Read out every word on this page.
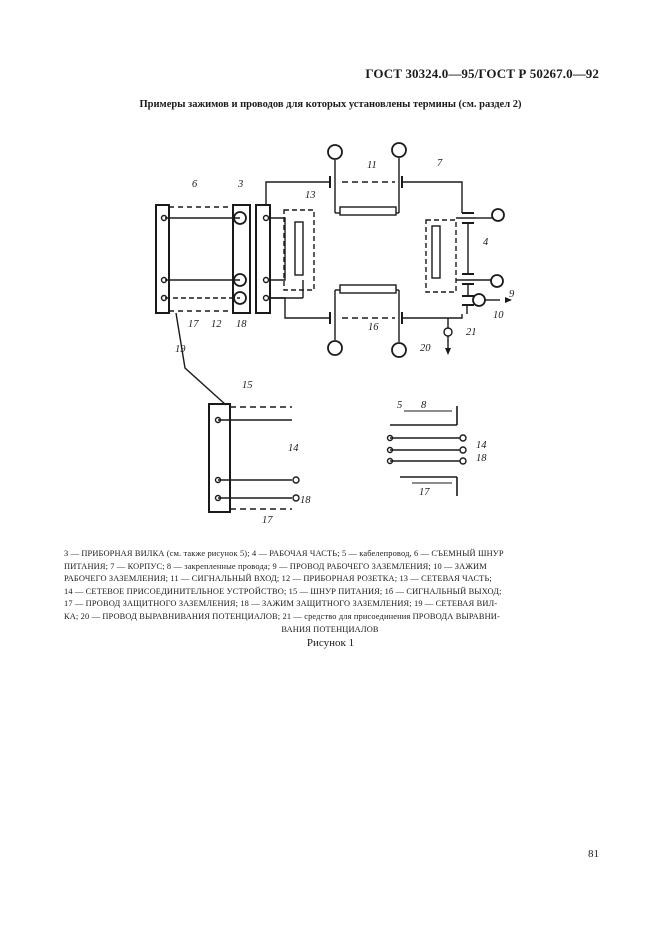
ГОСТ 30324.0—95/ГОСТ Р 50267.0—92
Примеры зажимов и проводов для которых установлены термины (см. раздел 2)
6	3
13
11	7
4
9
10
21
20
16
17 12 18
19
15
14
18
17
5 8
14
18
17
3 — ПРИБОРНАЯ ВИЛКА (см. также рисунок 5); 4 — РАБОЧАЯ ЧАСТЬ; 5 — кабелепровод, 6 — СЪЕМНЫЙ ШНУР
ПИТАНИЯ; 7 — КОРПУС; 8 — закрепленные провода; 9 — ПРОВОД РАБОЧЕГО ЗАЗЕМЛЕНИЯ; 10 — ЗАЖИМ
РАБОЧЕГО ЗАЗЕМЛЕНИЯ; 11 — СИГНАЛЬНЫЙ ВХОД; 12 — ПРИБОРНАЯ РОЗЕТКА; 13 — СЕТЕВАЯ ЧАСТЬ;
14 — СЕТЕВОЕ ПРИСОЕДИНИТЕЛЬНОЕ УСТРОЙСТВО; 15 — ШНУР ПИТАНИЯ; 1б — СИГНАЛЬНЫЙ ВЫХОД;
17 — ПРОВОД ЗАЩИТНОГО ЗАЗЕМЛЕНИЯ; 18 — ЗАЖИМ ЗАЩИТНОГО ЗАЗЕМЛЕНИЯ; 19 — СЕТЕВАЯ ВИЛ-
КА; 20 — ПРОВОД ВЫРАВНИВАНИЯ ПОТЕНЦИАЛОВ; 21 — средство для присоединения ПРОВОДА ВЫРАВНИ-
ВАНИЯ ПОТЕНЦИАЛОВ
Рисунок 1
81
